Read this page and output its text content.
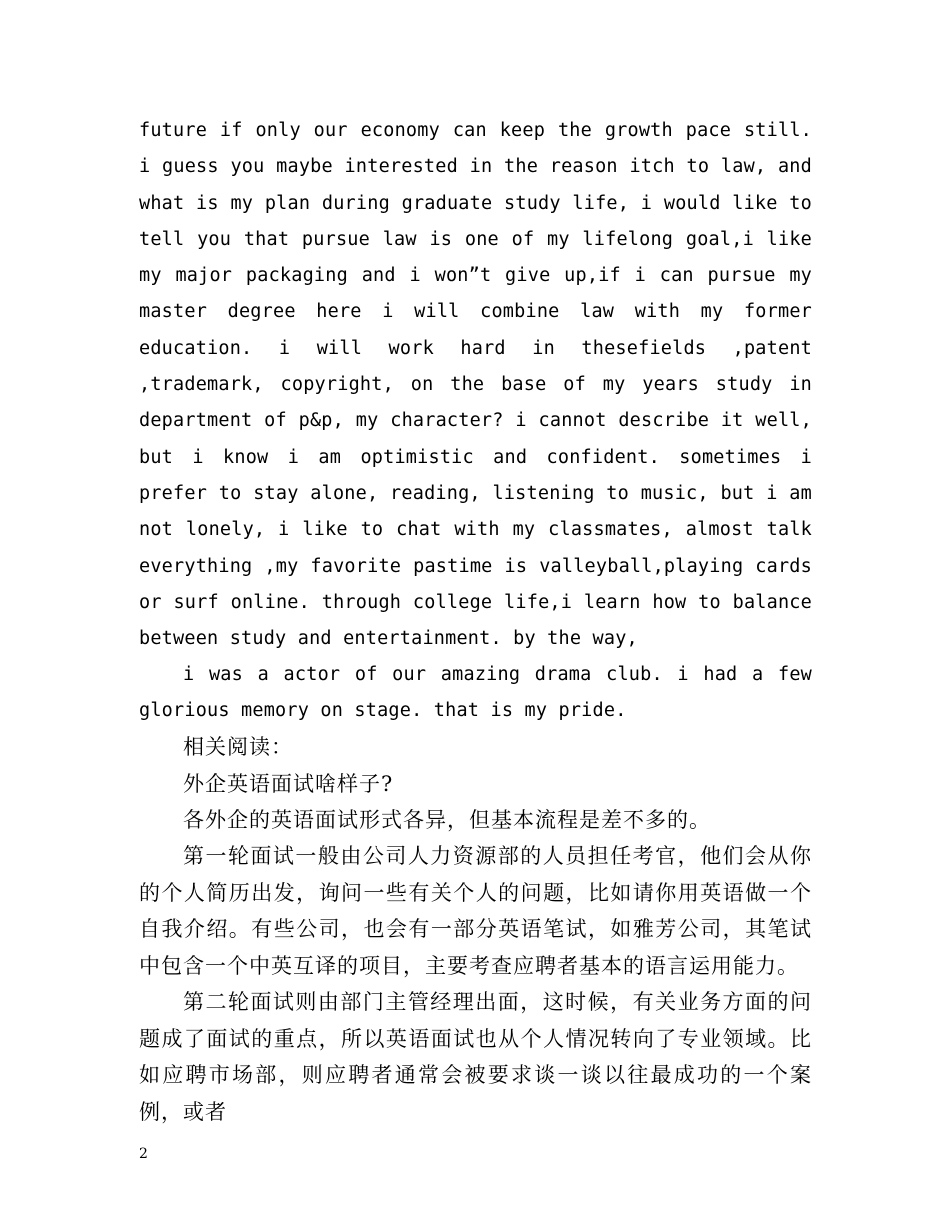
future if only our economy can keep the growth pace still. i guess you maybe interested in the reason itch to law, and what is my plan during graduate study life, i would like to tell you that pursue law is one of my lifelong goal,i like my major packaging and i won”t give up,if i can pursue my master degree here i will combine law with my former education. i will work hard in thesefields ,patent ,trademark, copyright, on the base of my years study in department of p&p, my character? i cannot describe it well, but i know i am optimistic and confident. sometimes i prefer to stay alone, reading, listening to music, but i am not lonely, i like to chat with my classmates, almost talk everything ,my favorite pastime is valleyball,playing cards or surf online. through college life,i learn how to balance between study and entertainment. by the way,

i was a actor of our amazing drama club. i had a few glorious memory on stage. that is my pride.

相关阅读：

外企英语面试啥样子?

各外企的英语面试形式各异，但基本流程是差不多的。

第一轮面试一般由公司人力资源部的人员担任考官，他们会从你的个人简历出发，询问一些有关个人的问题，比如请你用英语做一个自我介绍。有些公司，也会有一部分英语笔试，如雅芳公司，其笔试中包含一个中英互译的项目，主要考查应聘者基本的语言运用能力。

第二轮面试则由部门主管经理出面，这时候，有关业务方面的问题成了面试的重点，所以英语面试也从个人情况转向了专业领域。比如应聘市场部，则应聘者通常会被要求谈一谈以往最成功的一个案例，或者

2
